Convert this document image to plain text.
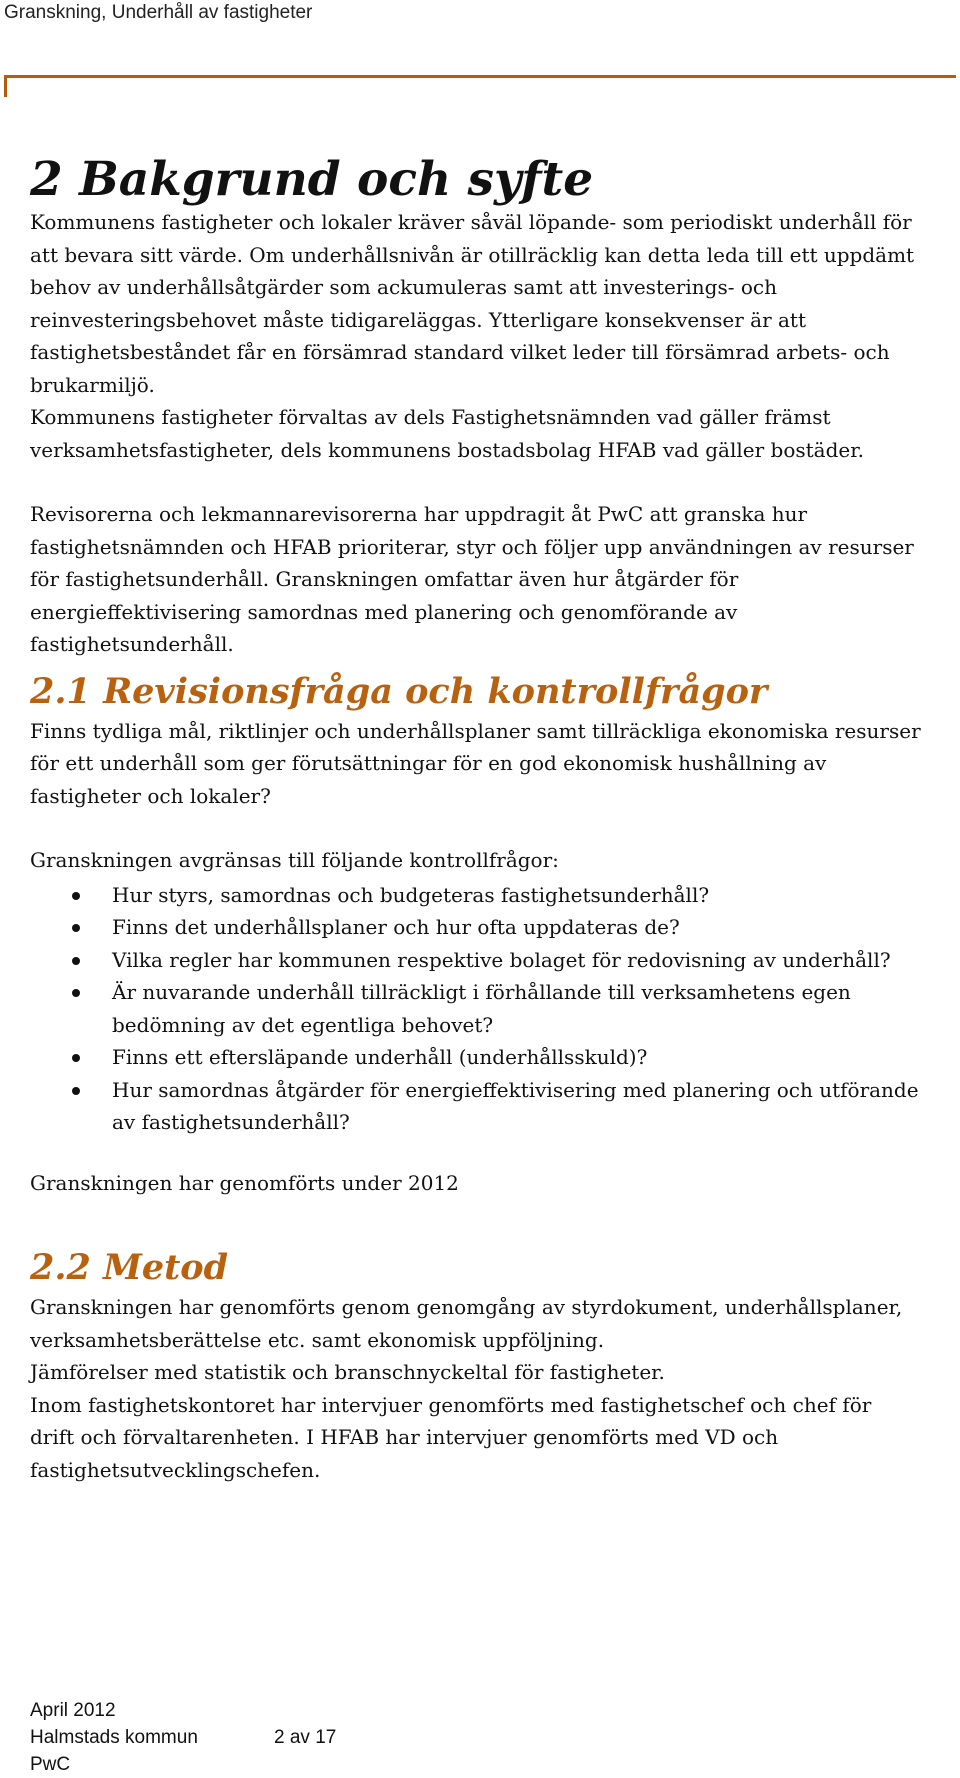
Granskning, Underhåll av fastigheter
2 Bakgrund och syfte

Kommunens fastigheter och lokaler kräver såväl löpande- som periodiskt underhåll för att bevara sitt värde. Om underhållsnivån är otillräcklig kan detta leda till ett uppdämt behov av underhållsåtgärder som ackumuleras samt att investerings- och reinvesteringsbehovet måste tidigareläggas. Ytterligare konsekvenser är att fastighetsbeståndet får en försämrad standard vilket leder till försämrad arbets- och brukarmiljö.

Kommunens fastigheter förvaltas av dels Fastighetsnämnden vad gäller främst verksamhetsfastigheter, dels kommunens bostadsbolag HFAB vad gäller bostäder.

Revisorerna och lekmannarevisorerna har uppdragit åt PwC att granska hur fastighetsnämnden och HFAB prioriterar, styr och följer upp användningen av resurser för fastighetsunderhåll. Granskningen omfattar även hur åtgärder för energieffektivisering samordnas med planering och genomförande av fastighetsunderhåll.

2.1 Revisionsfråga och kontrollfrågor

Finns tydliga mål, riktlinjer och underhållsplaner samt tillräckliga ekonomiska resurser för ett underhåll som ger förutsättningar för en god ekonomisk hushållning av fastigheter och lokaler?

Granskningen avgränsas till följande kontrollfrågor:

Hur styrs, samordnas och budgeteras fastighetsunderhåll?
Finns det underhållsplaner och hur ofta uppdateras de?
Vilka regler har kommunen respektive bolaget för redovisning av underhåll?
Är nuvarande underhåll tillräckligt i förhållande till verksamhetens egen bedömning av det egentliga behovet?
Finns ett eftersläpande underhåll (underhållsskuld)?
Hur samordnas åtgärder för energieffektivisering med planering och utförande av fastighetsunderhåll?

Granskningen har genomförts under 2012

2.2 Metod

Granskningen har genomförts genom genomgång av styrdokument, underhållsplaner, verksamhetsberättelse etc. samt ekonomisk uppföljning.

Jämförelser med statistik och branschnyckeltal för fastigheter.

Inom fastighetskontoret har intervjuer genomförts med fastighetschef och chef för drift och förvaltarenheten. I HFAB har intervjuer genomförts med VD och fastighetsutvecklingschefen.

April 2012
Halmstads kommun	2 av 17
PwC
